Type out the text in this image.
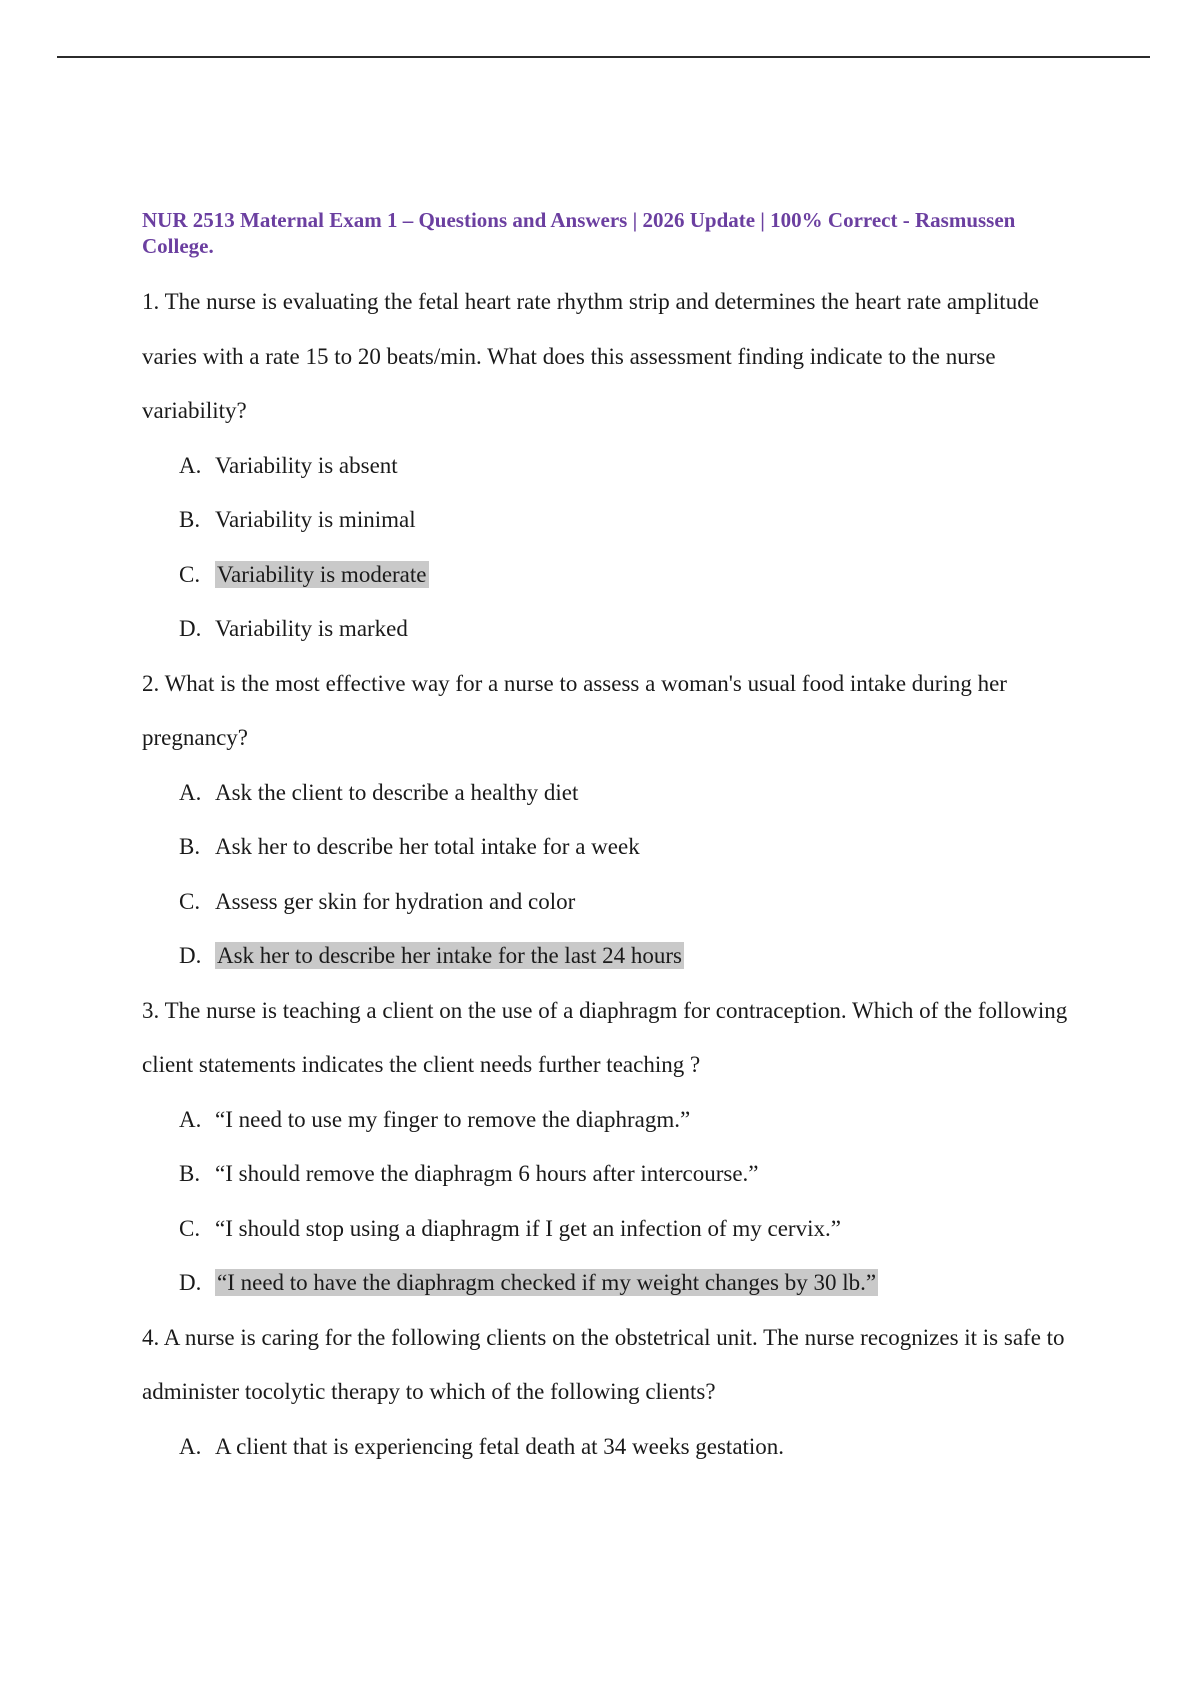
NUR 2513 Maternal Exam 1 – Questions and Answers | 2026 Update | 100% Correct - Rasmussen College.

1 . The nurse is evaluating the fetal heart rate rhythm strip and determines the heart rate amplitude varies with a rate 15 to 20 beats/min. What does this assessment finding indicate to the nurse variability?

A . Variability is absent
B . Variability is minimal
C . Variability is moderate
D . Variability is marked

2 . What is the most effective way for a nurse to assess a woman's usual food intake during her pregnancy?

A . Ask the client to describe a healthy diet
B . Ask her to describe her total intake for a week
C . Assess ger skin for hydration and color
D . Ask her to describe her intake for the last 24 hours

3 . The nurse is teaching a client on the use of a diaphragm for contraception. Which of the following client statements indicates the client needs further teaching ?

A . “I need to use my finger to remove the diaphragm.”
B . “I should remove the diaphragm 6 hours after intercourse.”
C . “I should stop using a diaphragm if I get an infection of my cervix.”
D . “I need to have the diaphragm checked if my weight changes by 30 lb.”

4 . A nurse is caring for the following clients on the obstetrical unit. The nurse recognizes it is safe to administer tocolytic therapy to which of the following clients?

A . A client that is experiencing fetal death at 34 weeks gestation.
